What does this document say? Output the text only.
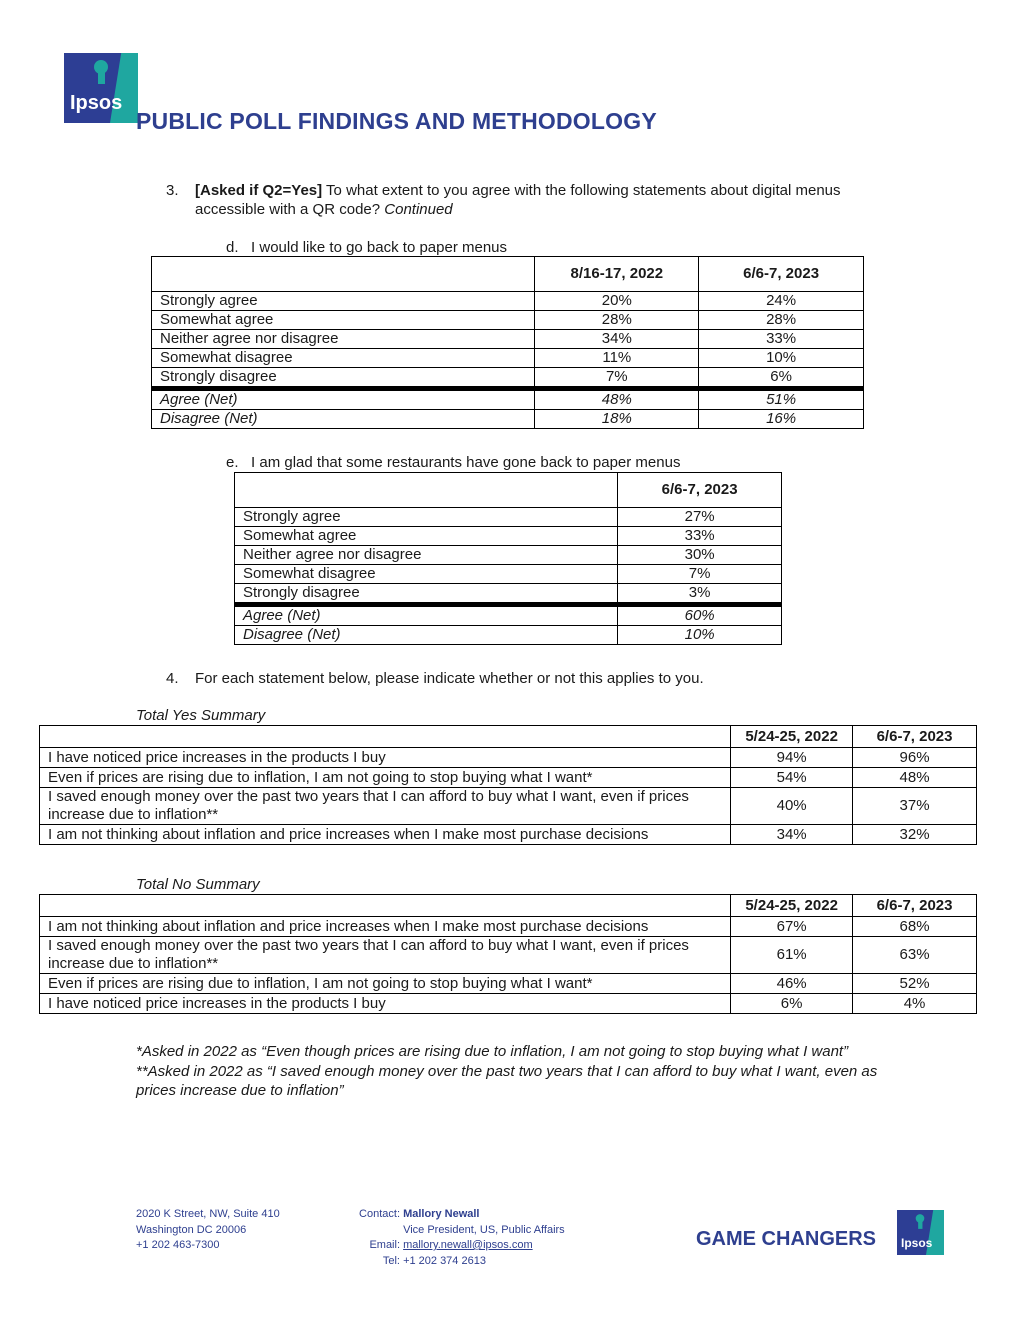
Ipsos
PUBLIC POLL FINDINGS AND METHODOLOGY
3. [Asked if Q2=Yes] To what extent to you agree with the following statements about digital menus accessible with a QR code? Continued
d. I would like to go back to paper menus
	8/16-17, 2022	6/6-7, 2023
Strongly agree	20%	24%
Somewhat agree	28%	28%
Neither agree nor disagree	34%	33%
Somewhat disagree	11%	10%
Strongly disagree	7%	6%
Agree (Net)	48%	51%
Disagree (Net)	18%	16%
e. I am glad that some restaurants have gone back to paper menus
	6/6-7, 2023
Strongly agree	27%
Somewhat agree	33%
Neither agree nor disagree	30%
Somewhat disagree	7%
Strongly disagree	3%
Agree (Net)	60%
Disagree (Net)	10%
4. For each statement below, please indicate whether or not this applies to you.
Total Yes Summary
	5/24-25, 2022	6/6-7, 2023
I have noticed price increases in the products I buy	94%	96%
Even if prices are rising due to inflation, I am not going to stop buying what I want*	54%	48%
I saved enough money over the past two years that I can afford to buy what I want, even if prices increase due to inflation**	40%	37%
I am not thinking about inflation and price increases when I make most purchase decisions	34%	32%
Total No Summary
	5/24-25, 2022	6/6-7, 2023
I am not thinking about inflation and price increases when I make most purchase decisions	67%	68%
I saved enough money over the past two years that I can afford to buy what I want, even if prices increase due to inflation**	61%	63%
Even if prices are rising due to inflation, I am not going to stop buying what I want*	46%	52%
I have noticed price increases in the products I buy	6%	4%
*Asked in 2022 as “Even though prices are rising due to inflation, I am not going to stop buying what I want”
**Asked in 2022 as “I saved enough money over the past two years that I can afford to buy what I want, even as prices increase due to inflation”
2020 K Street, NW, Suite 410
Washington DC 20006
+1 202 463-7300
Contact: Mallory Newall
Vice President, US, Public Affairs
Email: mallory.newall@ipsos.com
Tel: +1 202 374 2613
GAME CHANGERS Ipsos
